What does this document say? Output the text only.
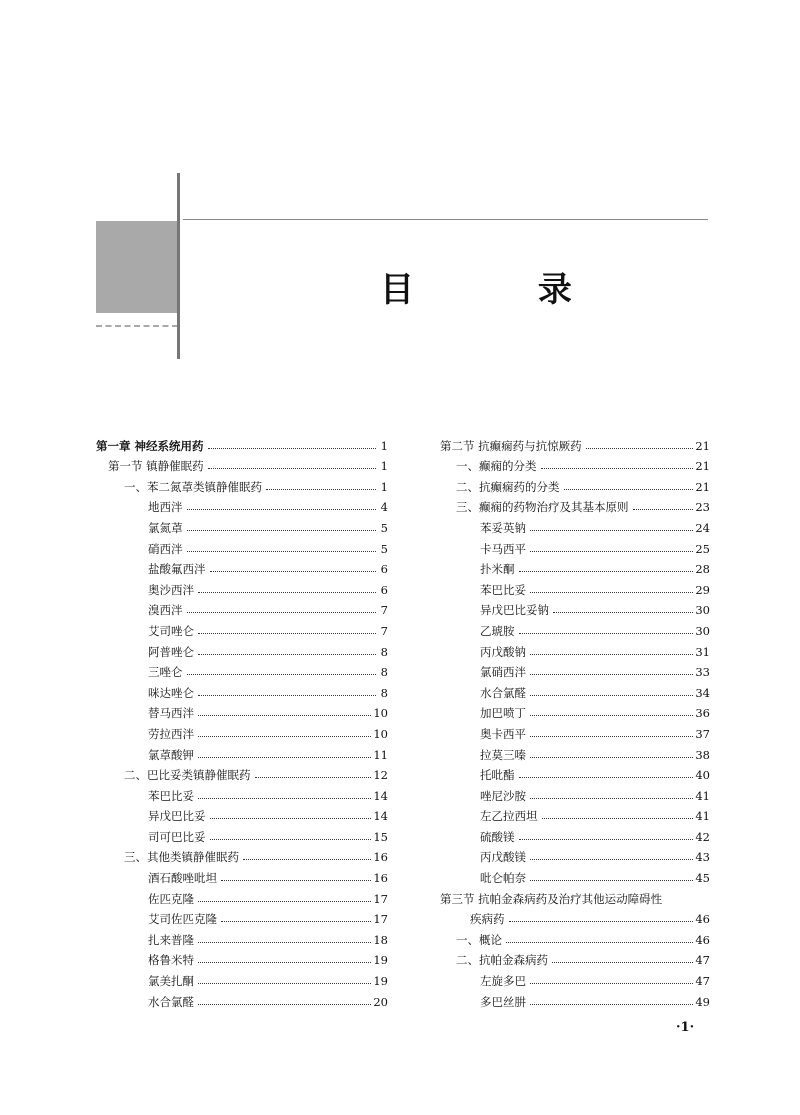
目 录
第一章 神经系统用药	1
第一节 镇静催眠药	1
一、苯二氮䓬类镇静催眠药	1
地西泮	4
氯氮䓬	5
硝西泮	5
盐酸氟西泮	6
奥沙西泮	6
溴西泮	7
艾司唑仑	7
阿普唑仑	8
三唑仑	8
咪达唑仑	8
替马西泮	10
劳拉西泮	10
氯䓬酸钾	11
二、巴比妥类镇静催眠药	12
苯巴比妥	14
异戊巴比妥	14
司可巴比妥	15
三、其他类镇静催眠药	16
酒石酸唑吡坦	16
佐匹克隆	17
艾司佐匹克隆	17
扎来普隆	18
格鲁米特	19
氯美扎酮	19
水合氯醛	20
第二节 抗癫痫药与抗惊厥药	21
一、癫痫的分类	21
二、抗癫痫药的分类	21
三、癫痫的药物治疗及其基本原则	23
苯妥英钠	24
卡马西平	25
扑米酮	28
苯巴比妥	29
异戊巴比妥钠	30
乙琥胺	30
丙戊酸钠	31
氯硝西泮	33
水合氯醛	34
加巴喷丁	36
奥卡西平	37
拉莫三嗪	38
托吡酯	40
唑尼沙胺	41
左乙拉西坦	41
硫酸镁	42
丙戊酸镁	43
吡仑帕奈	45
第三节 抗帕金森病药及治疗其他运动障碍性
疾病药	46
一、概论	46
二、抗帕金森病药	47
左旋多巴	47
多巴丝肼	49
·1·
